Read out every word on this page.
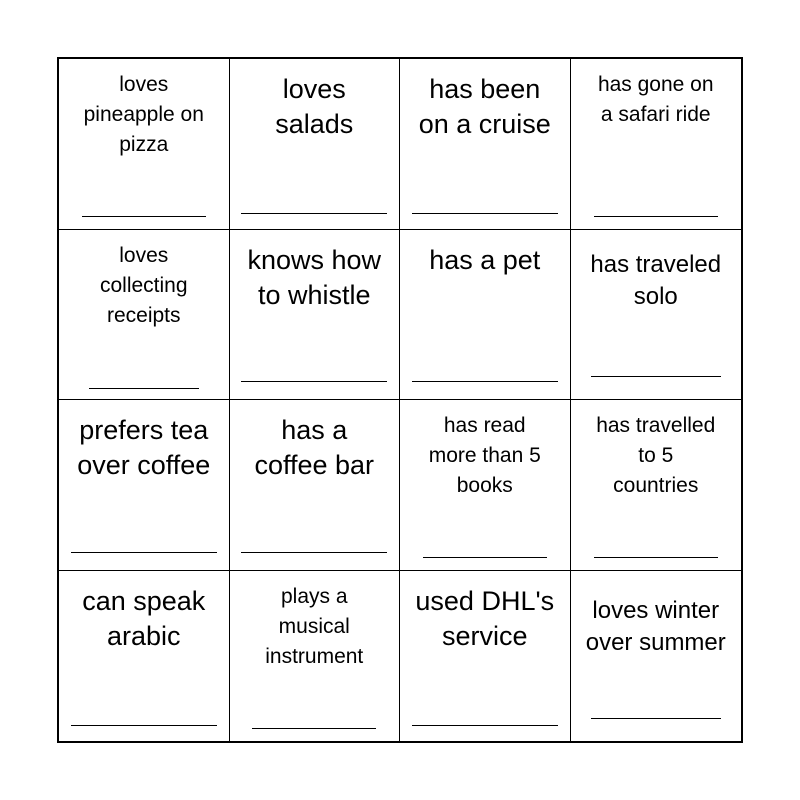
loves
pineapple on
pizza
loves
salads
has been
on a cruise
has gone on
a safari ride
loves
collecting
receipts
knows how
to whistle
has a pet	has traveled
solo
prefers tea
over coffee
has a
coffee bar
has read
more than 5
books
has travelled
to 5
countries
can speak
arabic
plays a
musical
instrument
used DHL's
service
loves winter
over summer
